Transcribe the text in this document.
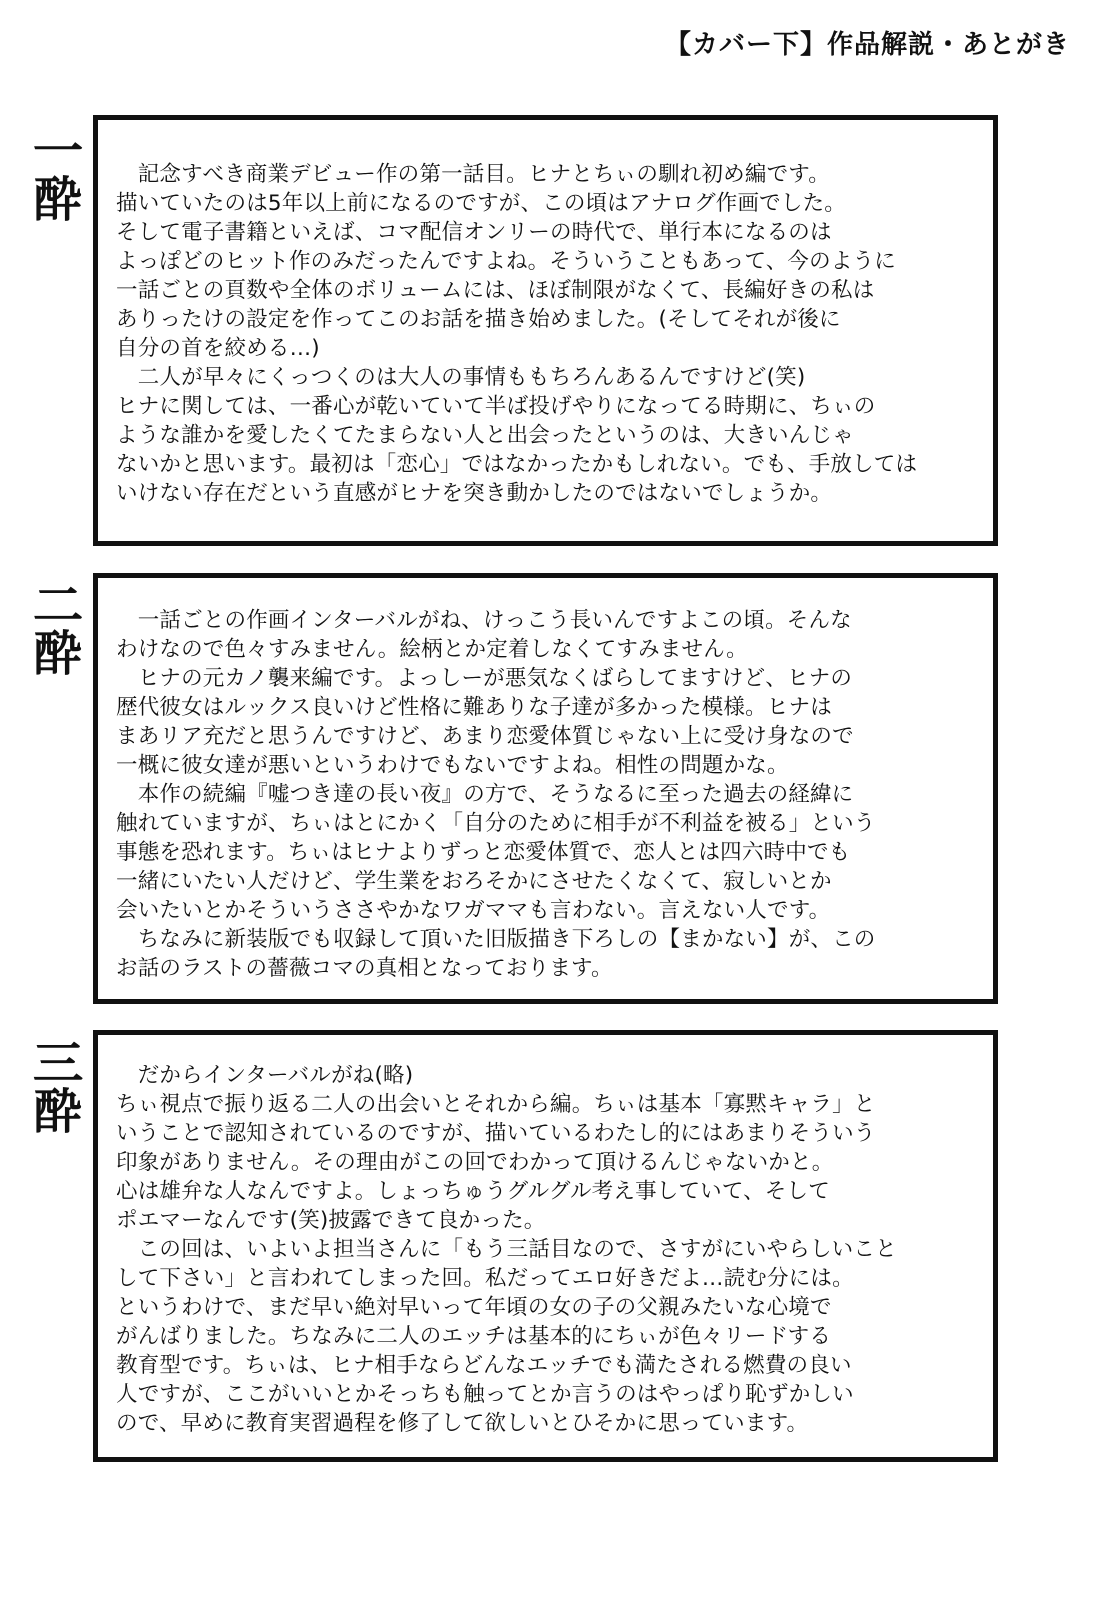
【カバー下】作品解説・あとがき
一
酔 　記念すべき商業デビュー作の第一話目。ヒナとちぃの馴れ初め編です。

描いていたのは5年以上前になるのですが、この頃はアナログ作画でした。

そして電子書籍といえば、コマ配信オンリーの時代で、単行本になるのは

よっぽどのヒット作のみだったんですよね。そういうこともあって、今のように

一話ごとの頁数や全体のボリュームには、ほぼ制限がなくて、長編好きの私は

ありったけの設定を作ってこのお話を描き始めました。(そしてそれが後に

自分の首を絞める…)

　二人が早々にくっつくのは大人の事情ももちろんあるんですけど(笑)

ヒナに関しては、一番心が乾いていて半ば投げやりになってる時期に、ちぃの

ような誰かを愛したくてたまらない人と出会ったというのは、大きいんじゃ

ないかと思います。最初は「恋心」ではなかったかもしれない。でも、手放しては

いけない存在だという直感がヒナを突き動かしたのではないでしょうか。

二
酔

　一話ごとの作画インターバルがね、けっこう長いんですよこの頃。そんな

わけなので色々すみません。絵柄とか定着しなくてすみません。

　ヒナの元カノ襲来編です。よっしーが悪気なくばらしてますけど、ヒナの

歴代彼女はルックス良いけど性格に難ありな子達が多かった模様。ヒナは

まあリア充だと思うんですけど、あまり恋愛体質じゃない上に受け身なので

一概に彼女達が悪いというわけでもないですよね。相性の問題かな。

　本作の続編『嘘つき達の長い夜』の方で、そうなるに至った過去の経緯に

触れていますが、ちぃはとにかく「自分のために相手が不利益を被る」という

事態を恐れます。ちぃはヒナよりずっと恋愛体質で、恋人とは四六時中でも

一緒にいたい人だけど、学生業をおろそかにさせたくなくて、寂しいとか

会いたいとかそういうささやかなワガママも言わない。言えない人です。

　ちなみに新装版でも収録して頂いた旧版描き下ろしの【まかない】が、この

お話のラストの薔薇コマの真相となっております。

三
酔

　だからインターバルがね(略)

ちぃ視点で振り返る二人の出会いとそれから編。ちぃは基本「寡黙キャラ」と

いうことで認知されているのですが、描いているわたし的にはあまりそういう

印象がありません。その理由がこの回でわかって頂けるんじゃないかと。

心は雄弁な人なんですよ。しょっちゅうグルグル考え事していて、そして

ポエマーなんです(笑)披露できて良かった。

　この回は、いよいよ担当さんに「もう三話目なので、さすがにいやらしいこと

して下さい」と言われてしまった回。私だってエロ好きだよ…読む分には。

というわけで、まだ早い絶対早いって年頃の女の子の父親みたいな心境で

がんばりました。ちなみに二人のエッチは基本的にちぃが色々リードする

教育型です。ちぃは、ヒナ相手ならどんなエッチでも満たされる燃費の良い

人ですが、ここがいいとかそっちも触ってとか言うのはやっぱり恥ずかしい

ので、早めに教育実習過程を修了して欲しいとひそかに思っています。
